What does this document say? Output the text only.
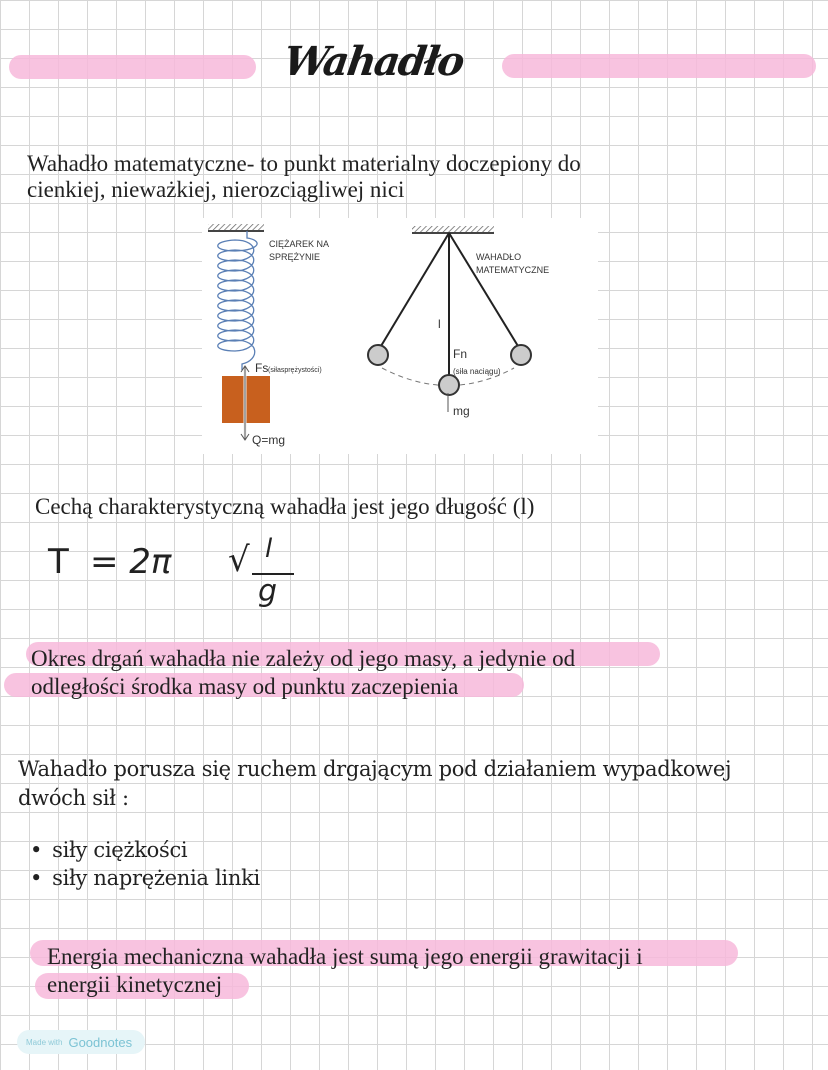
Wahadło
Wahadło matematyczne- to punkt materialny doczepiony do
cienkiej, nieważkiej, nierozciągliwej nici
CIĘŻAREK NA
SPRĘŻYNIE
Fs (siłasprężystości)
Q=mg
l
Fn
(siła naciągu)
mg
WAHADŁO
MATEMATYCZNE
Cechą charakterystyczną wahadła jest jego długość (l)
T = 2π √ l
g
Okres drgań wahadła nie zależy od jego masy, a jedynie od
odległości środka masy od punktu zaczepienia
Wahadło porusza się ruchem drgającym pod działaniem wypadkowej
dwóch sił :
• siły ciężkości
• siły naprężenia linki
Energia mechaniczna wahadła jest sumą jego energii grawitacji i
energii kinetycznej
Made with Goodnotes
